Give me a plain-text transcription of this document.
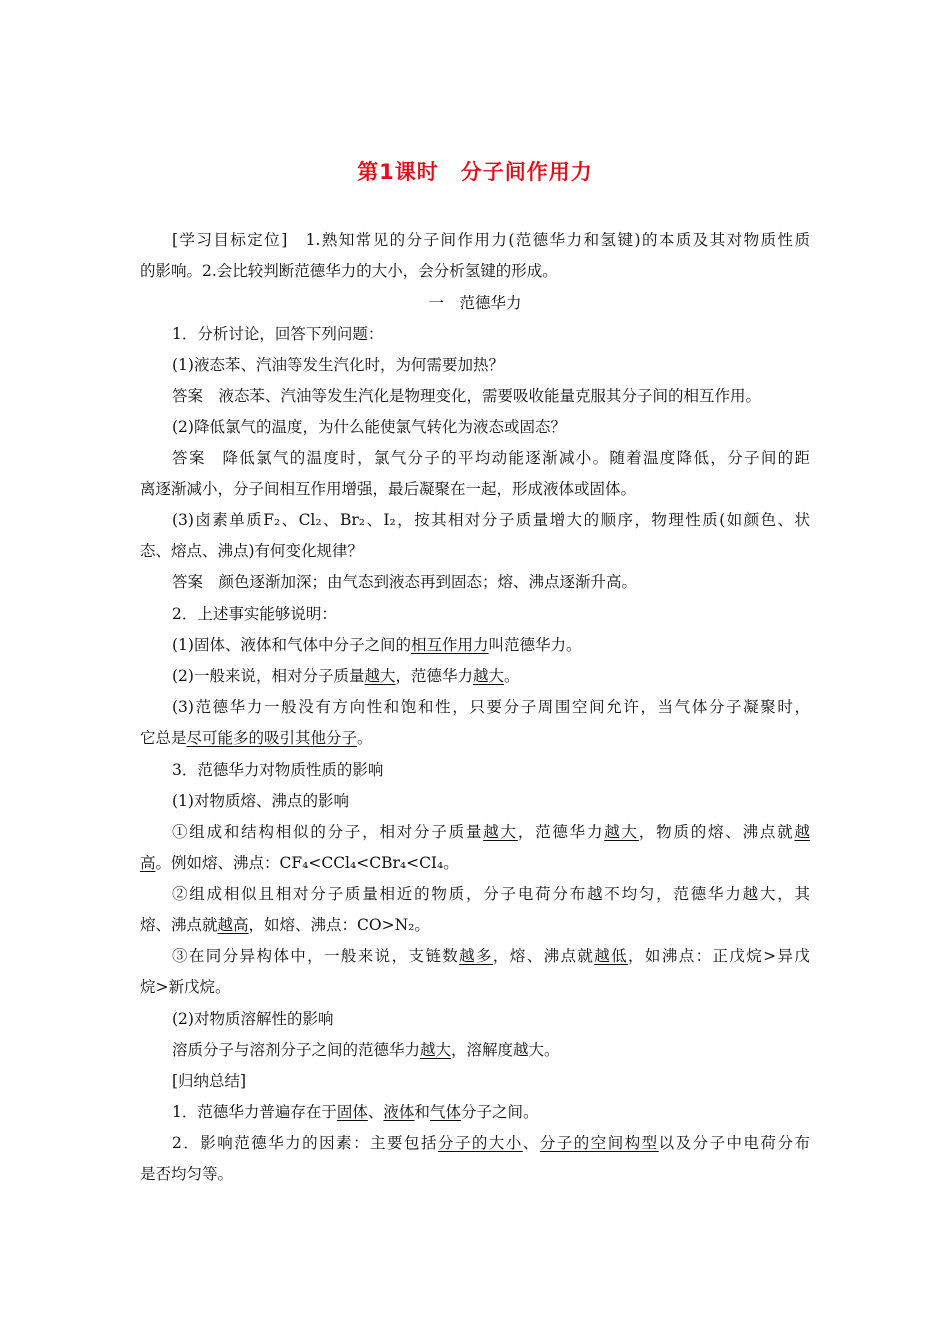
第1课时　分子间作用力
[学习目标定位]　1.熟知常见的分子间作用力(范德华力和氢键)的本质及其对物质性质
的影响。2.会比较判断范德华力的大小，会分析氢键的形成。
一　范德华力
1．分析讨论，回答下列问题：
(1)液态苯、汽油等发生汽化时，为何需要加热？
答案　液态苯、汽油等发生汽化是物理变化，需要吸收能量克服其分子间的相互作用。
(2)降低氯气的温度，为什么能使氯气转化为液态或固态？
答案　降低氯气的温度时，氯气分子的平均动能逐渐减小。随着温度降低，分子间的距
离逐渐减小，分子间相互作用增强，最后凝聚在一起，形成液体或固体。
(3)卤素单质F₂、Cl₂、Br₂、I₂，按其相对分子质量增大的顺序，物理性质(如颜色、状
态、熔点、沸点)有何变化规律？
答案　颜色逐渐加深；由气态到液态再到固态；熔、沸点逐渐升高。
2．上述事实能够说明：
(1)固体、液体和气体中分子之间的相互作用力叫范德华力。
(2)一般来说，相对分子质量越大，范德华力越大。
(3)范德华力一般没有方向性和饱和性，只要分子周围空间允许，当气体分子凝聚时，
它总是尽可能多的吸引其他分子。
3．范德华力对物质性质的影响
(1)对物质熔、沸点的影响
①组成和结构相似的分子，相对分子质量越大，范德华力越大，物质的熔、沸点就越
高。例如熔、沸点：CF₄<CCl₄<CBr₄<CI₄。
②组成相似且相对分子质量相近的物质，分子电荷分布越不均匀，范德华力越大，其
熔、沸点就越高，如熔、沸点：CO>N₂。
③在同分异构体中，一般来说，支链数越多，熔、沸点就越低，如沸点：正戊烷>异戊
烷>新戊烷。
(2)对物质溶解性的影响
溶质分子与溶剂分子之间的范德华力越大，溶解度越大。
[归纳总结]
1．范德华力普遍存在于固体、液体和气体分子之间。
2．影响范德华力的因素：主要包括分子的大小、分子的空间构型以及分子中电荷分布
是否均匀等。
